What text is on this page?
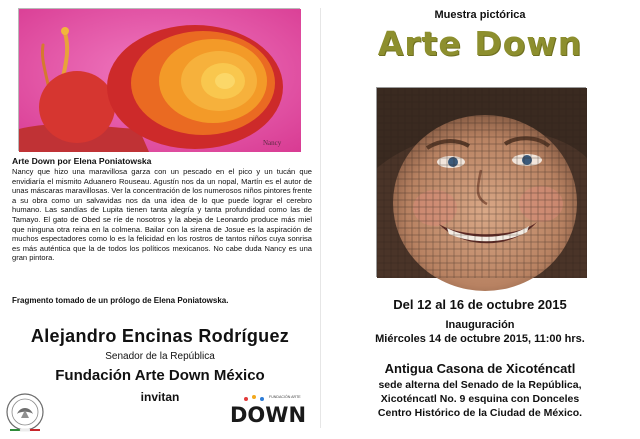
Nancy
Arte Down por Elena Poniatowska
Nancy que hizo una maravillosa garza con un pescado en el pico y un tucán que envidiaría el mismito Aduanero Rouseau. Agustín nos da un nopal, Martín es el autor de unas máscaras maravillosas. Ver la concentración de los numerosos niños pintores frente a su obra como un salvavidas nos da una idea de lo que puede lograr el cerebro humano. Las sandías de Lupita tienen tanta alegría y tanta profundidad como las de Tamayo. El gato de Obed se ríe de nosotros y la abeja de Leonardo produce más miel que ninguna otra reina en la colmena. Bailar con la sirena de Josue es la aspiración de muchos espectadores como lo es la felicidad en los rostros de tantos niños cuya sonrisa es más auténtica que la de todos los políticos mexicanos. No cabe duda Nancy es una gran pintora.
Fragmento tomado de un prólogo de Elena Poniatowska.
Alejandro Encinas Rodríguez
Senador de la República
Fundación Arte Down México
invitan	FUNDACIÓN ARTE
DOWN
Muestra pictórica
Arte Down
Del 12 al 16 de octubre 2015
Inauguración
Miércoles 14 de octubre 2015, 11:00 hrs.
Antigua Casona de Xicoténcatl
sede alterna del Senado de la República,
Xicoténcatl No. 9 esquina con Donceles
Centro Histórico de la Ciudad de México.
